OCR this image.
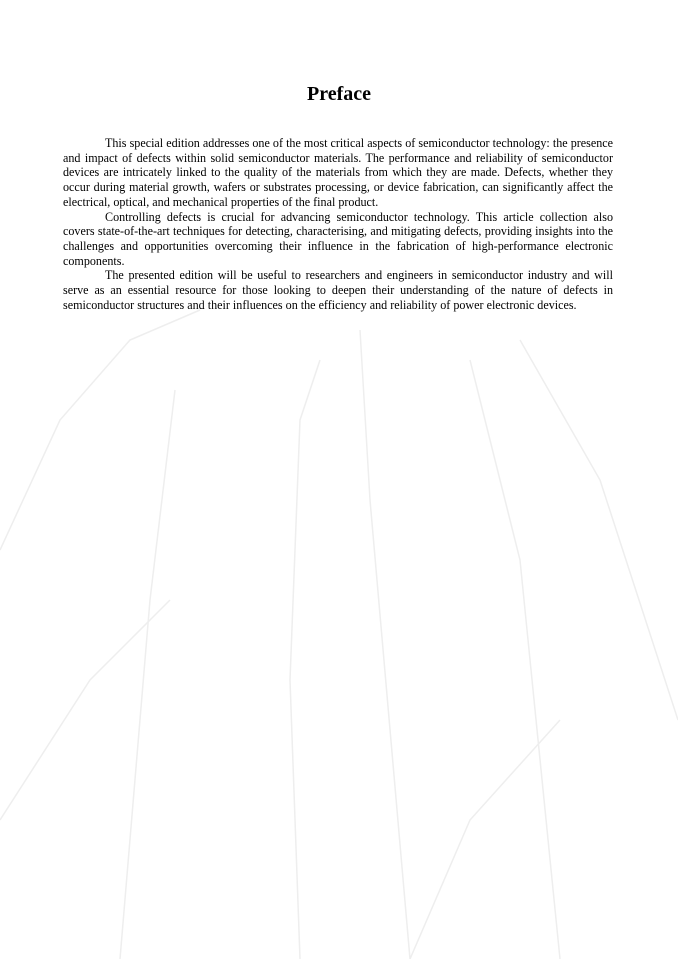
Preface

This special edition addresses one of the most critical aspects of semiconductor technology: the presence and impact of defects within solid semiconductor materials. The performance and reliability of semiconductor devices are intricately linked to the quality of the materials from which they are made. Defects, whether they occur during material growth, wafers or substrates processing, or device fabrication, can significantly affect the electrical, optical, and mechanical properties of the final product.

Controlling defects is crucial for advancing semiconductor technology. This article collection also covers state-of-the-art techniques for detecting, characterising, and mitigating defects, providing insights into the challenges and opportunities overcoming their influence in the fabrication of high-performance electronic components.

The presented edition will be useful to researchers and engineers in semiconductor industry and will serve as an essential resource for those looking to deepen their understanding of the nature of defects in semiconductor structures and their influences on the efficiency and reliability of power electronic devices.
